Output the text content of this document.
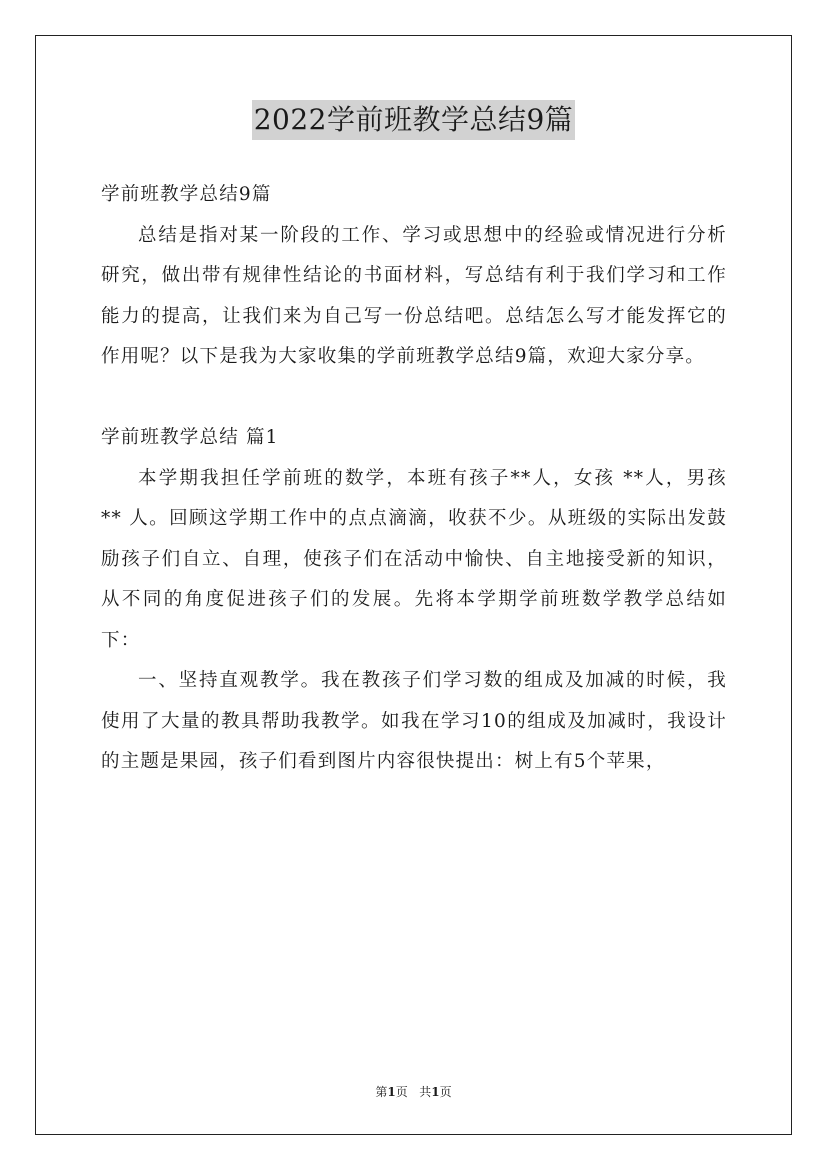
2022学前班教学总结9篇

学前班教学总结9篇

总结是指对某一阶段的工作、学习或思想中的经验或情况进行分析研究，做出带有规律性结论的书面材料，写总结有利于我们学习和工作能力的提高，让我们来为自己写一份总结吧。总结怎么写才能发挥它的作用呢？以下是我为大家收集的学前班教学总结9篇，欢迎大家分享。

学前班教学总结 篇1

本学期我担任学前班的数学，本班有孩子**人，女孩 **人，男孩 ** 人。回顾这学期工作中的点点滴滴，收获不少。从班级的实际出发鼓励孩子们自立、自理，使孩子们在活动中愉快、自主地接受新的知识，从不同的角度促进孩子们的发展。先将本学期学前班数学教学总结如下：

一、坚持直观教学。我在教孩子们学习数的组成及加减的时候，我使用了大量的教具帮助我教学。如我在学习10的组成及加减时，我设计的主题是果园，孩子们看到图片内容很快提出：树上有5个苹果，

第1页 共1页
